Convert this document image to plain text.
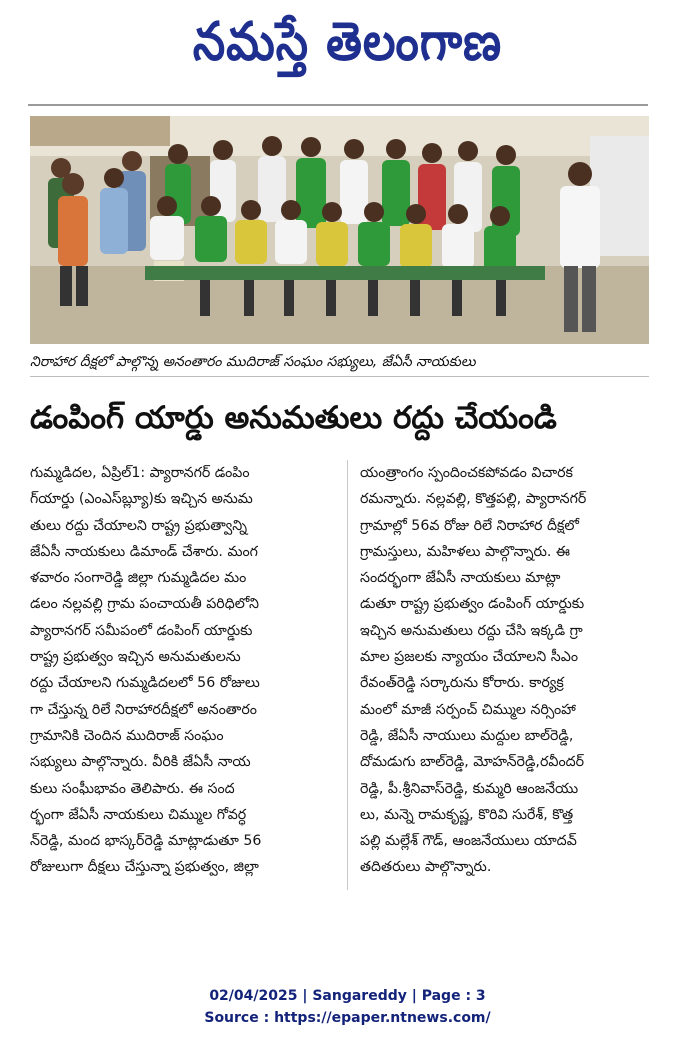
నమస్తే తెలంగాణ
నిరాహార దీక్షలో పాల్గొన్న అనంతారం ముదిరాజ్ సంఘం సభ్యులు, జేఏసీ నాయకులు
డంపింగ్ యార్డు అనుమతులు రద్దు చేయండి
గుమ్మడిదల, ఏప్రిల్1: ప్యారానగర్ డంపిం
గ్‌యార్డు (ఎంఎస్‌బ్ల్యూ)కు ఇచ్చిన అనుమ
తులు రద్దు చేయాలని రాష్ట్ర ప్రభుత్వాన్ని
జేఏసీ నాయకులు డిమాండ్ చేశారు. మంగ
ళవారం సంగారెడ్డి జిల్లా గుమ్మడిదల మం
డలం నల్లవల్లి గ్రామ పంచాయతీ పరిధిలోని
ప్యారానగర్ సమీపంలో డంపింగ్ యార్డుకు
రాష్ట్ర ప్రభుత్వం ఇచ్చిన అనుమతులను
రద్దు చేయాలని గుమ్మడిదలలో 56 రోజులు
గా చేస్తున్న రిలే నిరాహారదీక్షలో అనంతారం
గ్రామానికి చెందిన ముదిరాజ్ సంఘం
సభ్యులు పాల్గొన్నారు. వీరికి జేఏసీ నాయ
కులు సంఘీభావం తెలిపారు. ఈ సంద
ర్భంగా జేఏసీ నాయకులు చిమ్ముల గోవర్ధ
న్‌రెడ్డి, మంద భాస్కర్‌రెడ్డి మాట్లాడుతూ 56
రోజులుగా దీక్షలు చేస్తున్నా ప్రభుత్వం, జిల్లా
యంత్రాంగం స్పందించకపోవడం విచారక
రమన్నారు. నల్లవల్లి, కొత్తపల్లి, ప్యారానగర్
గ్రామాల్లో 56వ రోజు రిలే నిరాహార దీక్షలో
గ్రామస్తులు, మహిళలు పాల్గొన్నారు. ఈ
సందర్భంగా జేఏసీ నాయకులు మాట్లా
డుతూ రాష్ట్ర ప్రభుత్వం డంపింగ్ యార్డుకు
ఇచ్చిన అనుమతులు రద్దు చేసి ఇక్కడి గ్రా
మాల ప్రజలకు న్యాయం చేయాలని సీఎం
రేవంత్‌రెడ్డి సర్కారును కోరారు. కార్యక్ర
మంలో మాజీ సర్పంచ్ చిమ్ముల నర్సింహా
రెడ్డి, జేఏసీ నాయులు మద్దుల బాల్‌రెడ్డి,
దోమడుగు బాల్‌రెడ్డి, మోహన్‌రెడ్డి,రవీందర్
రెడ్డి, పీ.శ్రీనివాస్‌రెడ్డి, కుమ్మరి ఆంజనేయు
లు, మన్నె రామకృష్ణ, కొరివి సురేశ్, కొత్త
పల్లి మల్లేశ్ గౌడ్, ఆంజనేయులు యాదవ్
తదితరులు పాల్గొన్నారు.
02/04/2025 | Sangareddy | Page : 3
Source : https://epaper.ntnews.com/
